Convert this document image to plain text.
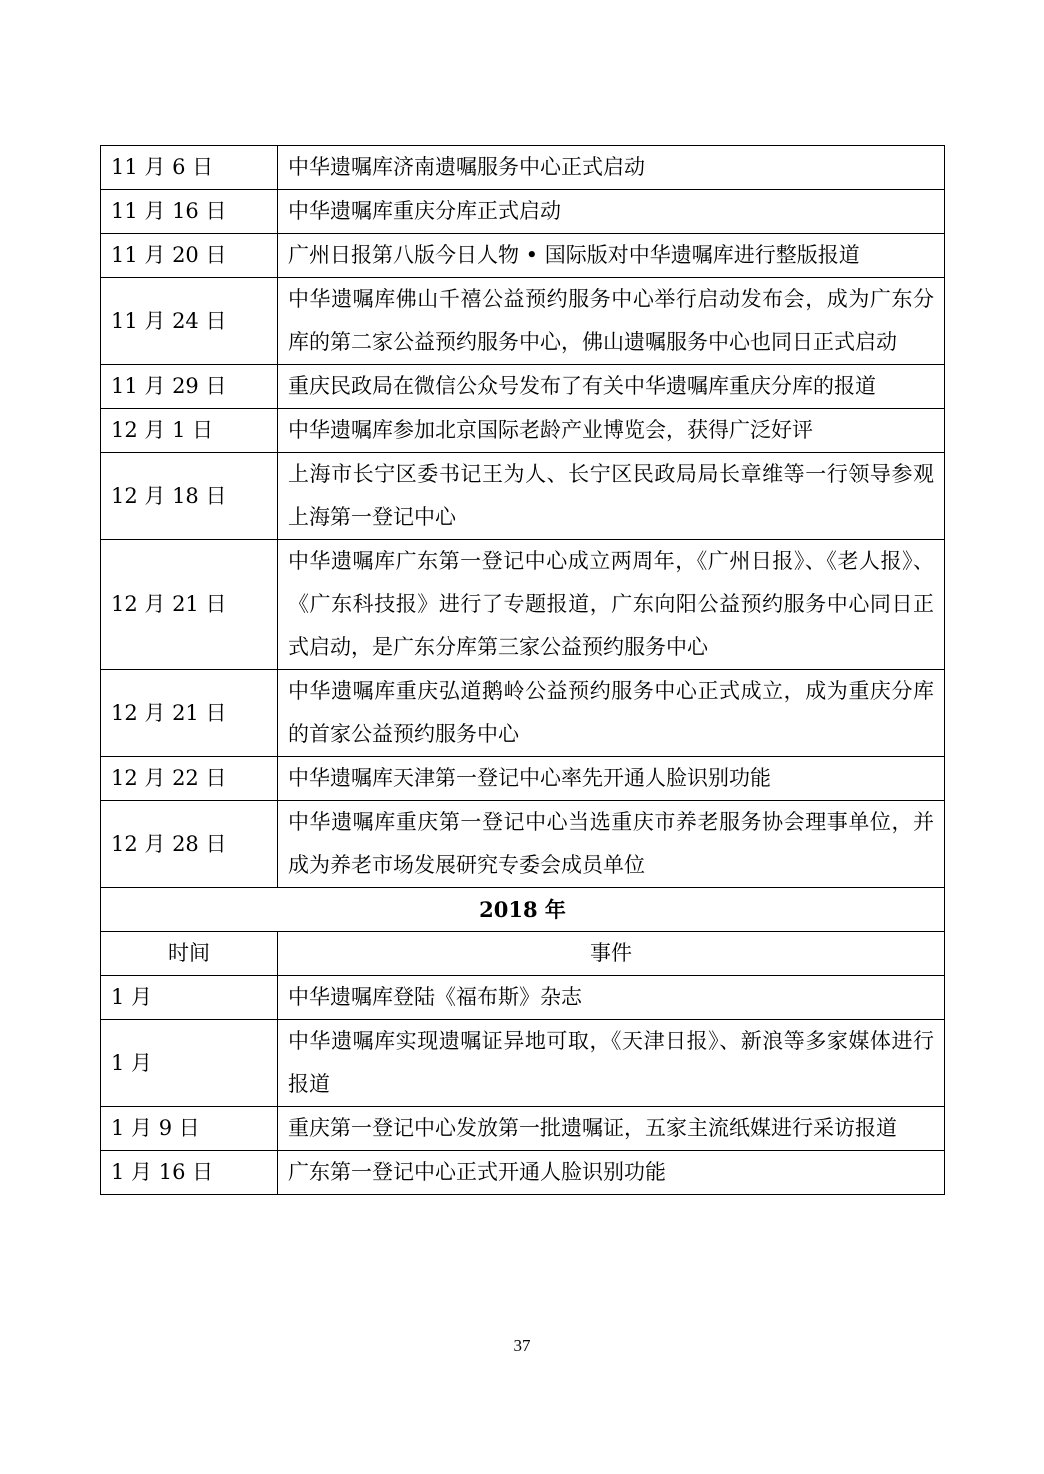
11 月 6 日	中华遗嘱库济南遗嘱服务中心正式启动
11 月 16 日	中华遗嘱库重庆分库正式启动
11 月 20 日	广州日报第八版今日人物 • 国际版对中华遗嘱库进行整版报道
11 月 24 日	中华遗嘱库佛山千禧公益预约服务中心举行启动发布会，成为广东分库的第二家公益预约服务中心，佛山遗嘱服务中心也同日正式启动
11 月 29 日	重庆民政局在微信公众号发布了有关中华遗嘱库重庆分库的报道
12 月 1 日	中华遗嘱库参加北京国际老龄产业博览会，获得广泛好评
12 月 18 日	上海市长宁区委书记王为人、长宁区民政局局长章维等一行领导参观上海第一登记中心
12 月 21 日	中华遗嘱库广东第一登记中心成立两周年，《广州日报》、《老人报》、《广东科技报》进行了专题报道，广东向阳公益预约服务中心同日正式启动，是广东分库第三家公益预约服务中心
12 月 21 日	中华遗嘱库重庆弘道鹅岭公益预约服务中心正式成立，成为重庆分库的首家公益预约服务中心
12 月 22 日	中华遗嘱库天津第一登记中心率先开通人脸识别功能
12 月 28 日	中华遗嘱库重庆第一登记中心当选重庆市养老服务协会理事单位，并成为养老市场发展研究专委会成员单位
2018 年	
时间	事件
1 月	中华遗嘱库登陆《福布斯》杂志
1 月	中华遗嘱库实现遗嘱证异地可取，《天津日报》、新浪等多家媒体进行报道
1 月 9 日	重庆第一登记中心发放第一批遗嘱证，五家主流纸媒进行采访报道
1 月 16 日	广东第一登记中心正式开通人脸识别功能
37
